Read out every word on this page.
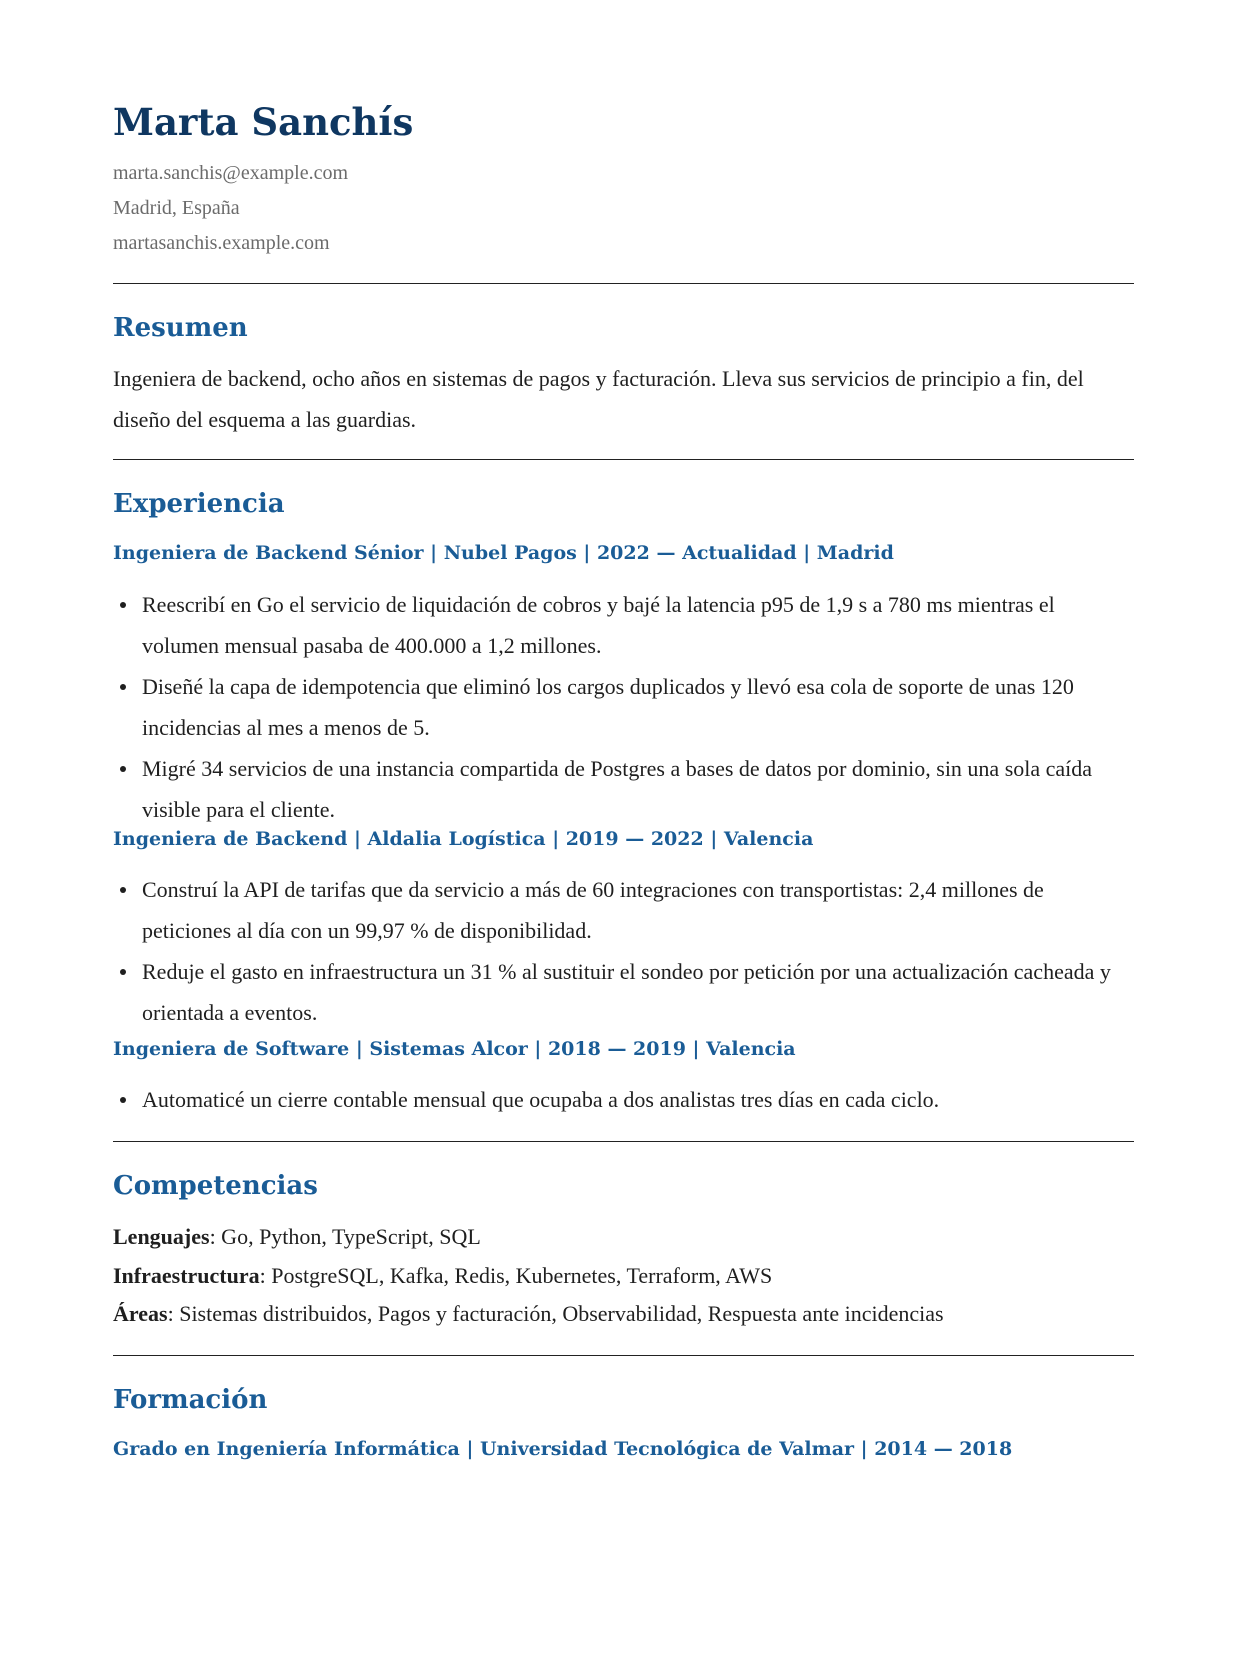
Marta Sanchís

marta.sanchis@example.com

Madrid, España

martasanchis.example.com

Resumen

Ingeniera de backend, ocho años en sistemas de pagos y facturación. Lleva sus servicios de principio a fin, del diseño del esquema a las guardias.

Experiencia

Ingeniera de Backend Sénior | Nubel Pagos | 2022 — Actualidad | Madrid

Reescribí en Go el servicio de liquidación de cobros y bajé la latencia p95 de 1,9 s a 780 ms mientras el volumen mensual pasaba de 400.000 a 1,2 millones.
Diseñé la capa de idempotencia que eliminó los cargos duplicados y llevó esa cola de soporte de unas 120 incidencias al mes a menos de 5.
Migré 34 servicios de una instancia compartida de Postgres a bases de datos por dominio, sin una sola caída visible para el cliente.

Ingeniera de Backend | Aldalia Logística | 2019 — 2022 | Valencia

Construí la API de tarifas que da servicio a más de 60 integraciones con transportistas: 2,4 millones de peticiones al día con un 99,97 % de disponibilidad.
Reduje el gasto en infraestructura un 31 % al sustituir el sondeo por petición por una actualización cacheada y orientada a eventos.

Ingeniera de Software | Sistemas Alcor | 2018 — 2019 | Valencia

Automaticé un cierre contable mensual que ocupaba a dos analistas tres días en cada ciclo.
Competencias

Lenguajes: Go, Python, TypeScript, SQL

Infraestructura: PostgreSQL, Kafka, Redis, Kubernetes, Terraform, AWS

Áreas: Sistemas distribuidos, Pagos y facturación, Observabilidad, Respuesta ante incidencias

Formación

Grado en Ingeniería Informática | Universidad Tecnológica de Valmar | 2014 — 2018
